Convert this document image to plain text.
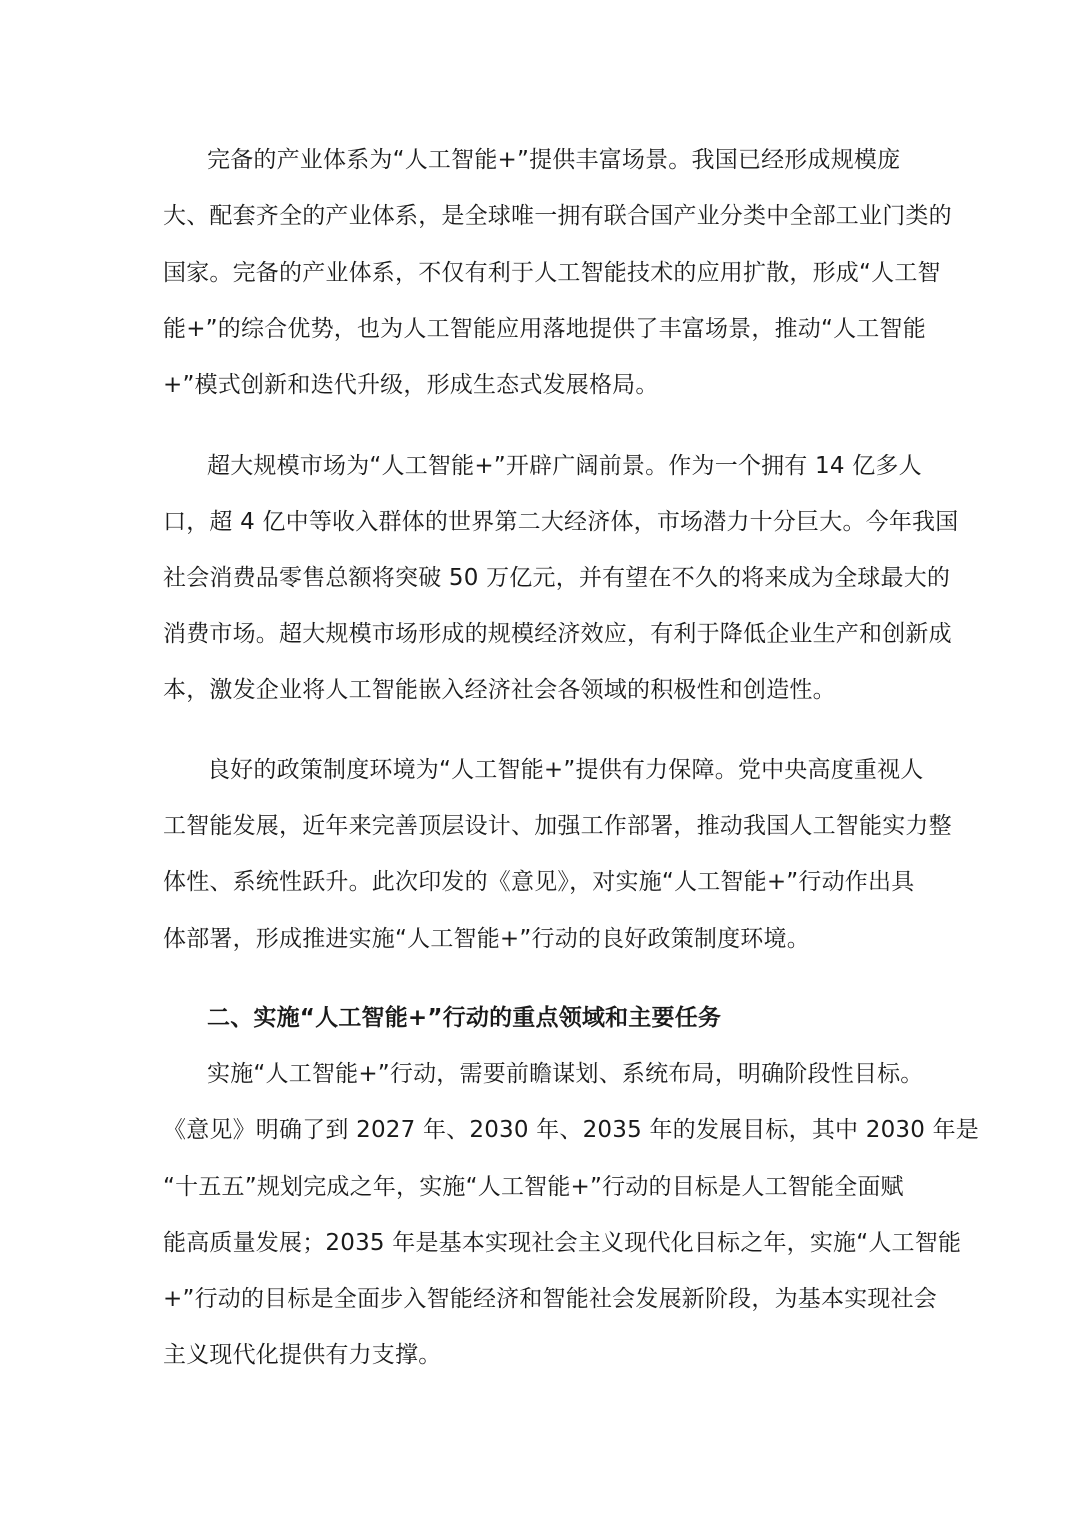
完备的产业体系为“人工智能+”提供丰富场景。我国已经形成规模庞
大、配套齐全的产业体系，是全球唯一拥有联合国产业分类中全部工业门类的
国家。完备的产业体系，不仅有利于人工智能技术的应用扩散，形成“人工智
能+”的综合优势，也为人工智能应用落地提供了丰富场景，推动“人工智能
+”模式创新和迭代升级，形成生态式发展格局。
超大规模市场为“人工智能+”开辟广阔前景。作为一个拥有 14 亿多人
口，超 4 亿中等收入群体的世界第二大经济体，市场潜力十分巨大。今年我国
社会消费品零售总额将突破 50 万亿元，并有望在不久的将来成为全球最大的
消费市场。超大规模市场形成的规模经济效应，有利于降低企业生产和创新成
本，激发企业将人工智能嵌入经济社会各领域的积极性和创造性。
良好的政策制度环境为“人工智能+”提供有力保障。党中央高度重视人
工智能发展，近年来完善顶层设计、加强工作部署，推动我国人工智能实力整
体性、系统性跃升。此次印发的《意见》，对实施“人工智能+”行动作出具
体部署，形成推进实施“人工智能+”行动的良好政策制度环境。
二、实施“人工智能+”行动的重点领域和主要任务
实施“人工智能+”行动，需要前瞻谋划、系统布局，明确阶段性目标。
《意见》明确了到 2027 年、2030 年、2035 年的发展目标，其中 2030 年是
“十五五”规划完成之年，实施“人工智能+”行动的目标是人工智能全面赋
能高质量发展；2035 年是基本实现社会主义现代化目标之年，实施“人工智能
+”行动的目标是全面步入智能经济和智能社会发展新阶段，为基本实现社会
主义现代化提供有力支撑。
